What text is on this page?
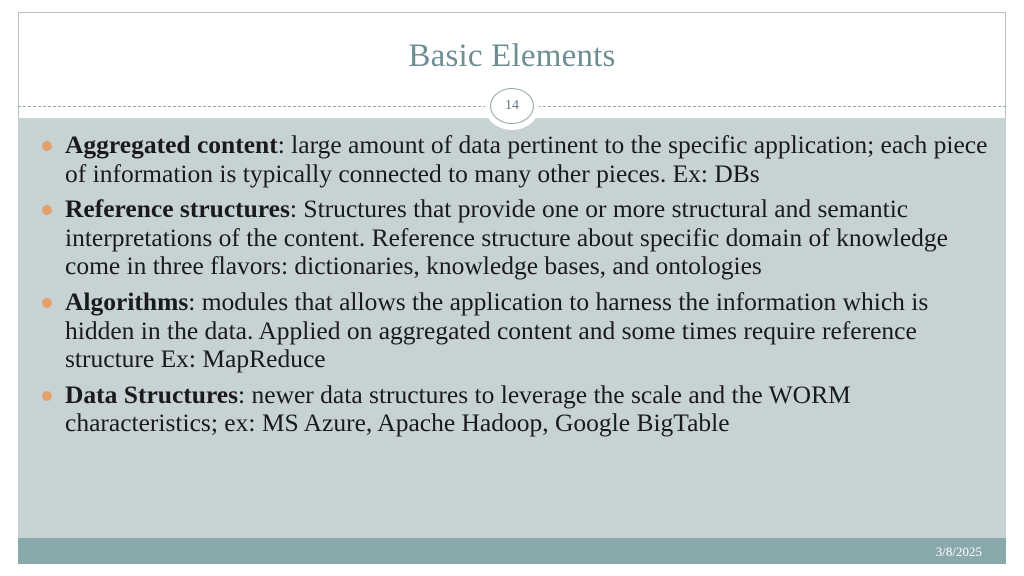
Basic Elements
14
Aggregated content: large amount of data pertinent to the specific application; each piece of information is typically connected to many other pieces. Ex: DBs
Reference structures: Structures that provide one or more structural and semantic interpretations of the content. Reference structure about specific domain of knowledge come in three flavors: dictionaries, knowledge bases, and ontologies
Algorithms: modules that allows the application to harness the information which is hidden in the data. Applied on aggregated content and some times require reference structure Ex: MapReduce
Data Structures: newer data structures to leverage the scale and the WORM characteristics; ex: MS Azure, Apache Hadoop, Google BigTable
3/8/2025
